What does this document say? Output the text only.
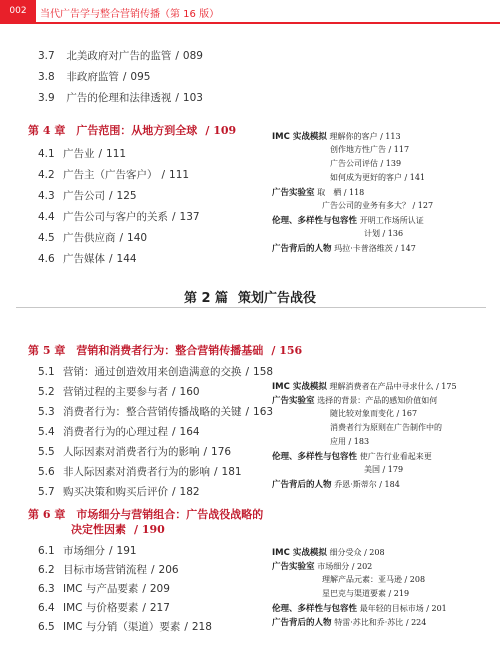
002	当代广告学与整合营销传播（第 16 版）
3.7 北美政府对广告的监管 / 089
3.8 非政府监管 / 095
3.9 广告的伦理和法律透视 / 103
第 4 章　广告范围：从地方到全球 / 109
4.1 广告业 / 111
4.2 广告主（广告客户） / 111
4.3 广告公司 / 125
4.4 广告公司与客户的关系 / 137
4.5 广告供应商 / 140
4.6 广告媒体 / 144
IMC 实战模拟 理解你的客户 / 113
创作地方性广告 / 117
广告公司评估 / 139
如何成为更好的客户 / 141
广告实验室 取　栖 / 118
广告公司的业务有多大？ / 127
伦理、多样性与包容性 开明工作场所认证
计划 / 136
广告背后的人物 玛拉·卡普洛维茨 / 147
第 2 篇 策划广告战役
第 5 章　营销和消费者行为：整合营销传播基础 / 156
5.1 营销：通过创造效用来创造满意的交换 / 158
5.2 营销过程的主要参与者 / 160
5.3 消费者行为：整合营销传播战略的关键 / 163
5.4 消费者行为的心理过程 / 164
5.5 人际因素对消费者行为的影响 / 176
5.6 非人际因素对消费者行为的影响 / 181
5.7 购买决策和购买后评价 / 182
IMC 实战模拟 理解消费者在产品中寻求什么 / 175
广告实验室 选择的背景：产品的感知价值如何
随比较对象而变化 / 167
消费者行为原则在广告制作中的
应用 / 183
伦理、多样性与包容性 使广告行业看起来更
美国 / 179
广告背后的人物 乔恩·斯蒂尔 / 184
第 6 章　市场细分与营销组合：广告战役战略的
决定性因素 / 190
6.1 市场细分 / 191
6.2 目标市场营销流程 / 206
6.3 IMC 与产品要素 / 209
6.4 IMC 与价格要素 / 217
6.5 IMC 与分销（渠道）要素 / 218
IMC 实战模拟 细分受众 / 208
广告实验室 市场细分 / 202
理解产品元素：亚马逊 / 208
星巴克与渠道要素 / 219
伦理、多样性与包容性 最年轻的目标市场 / 201
广告背后的人物 特雷·苏比和乔·苏比 / 224
